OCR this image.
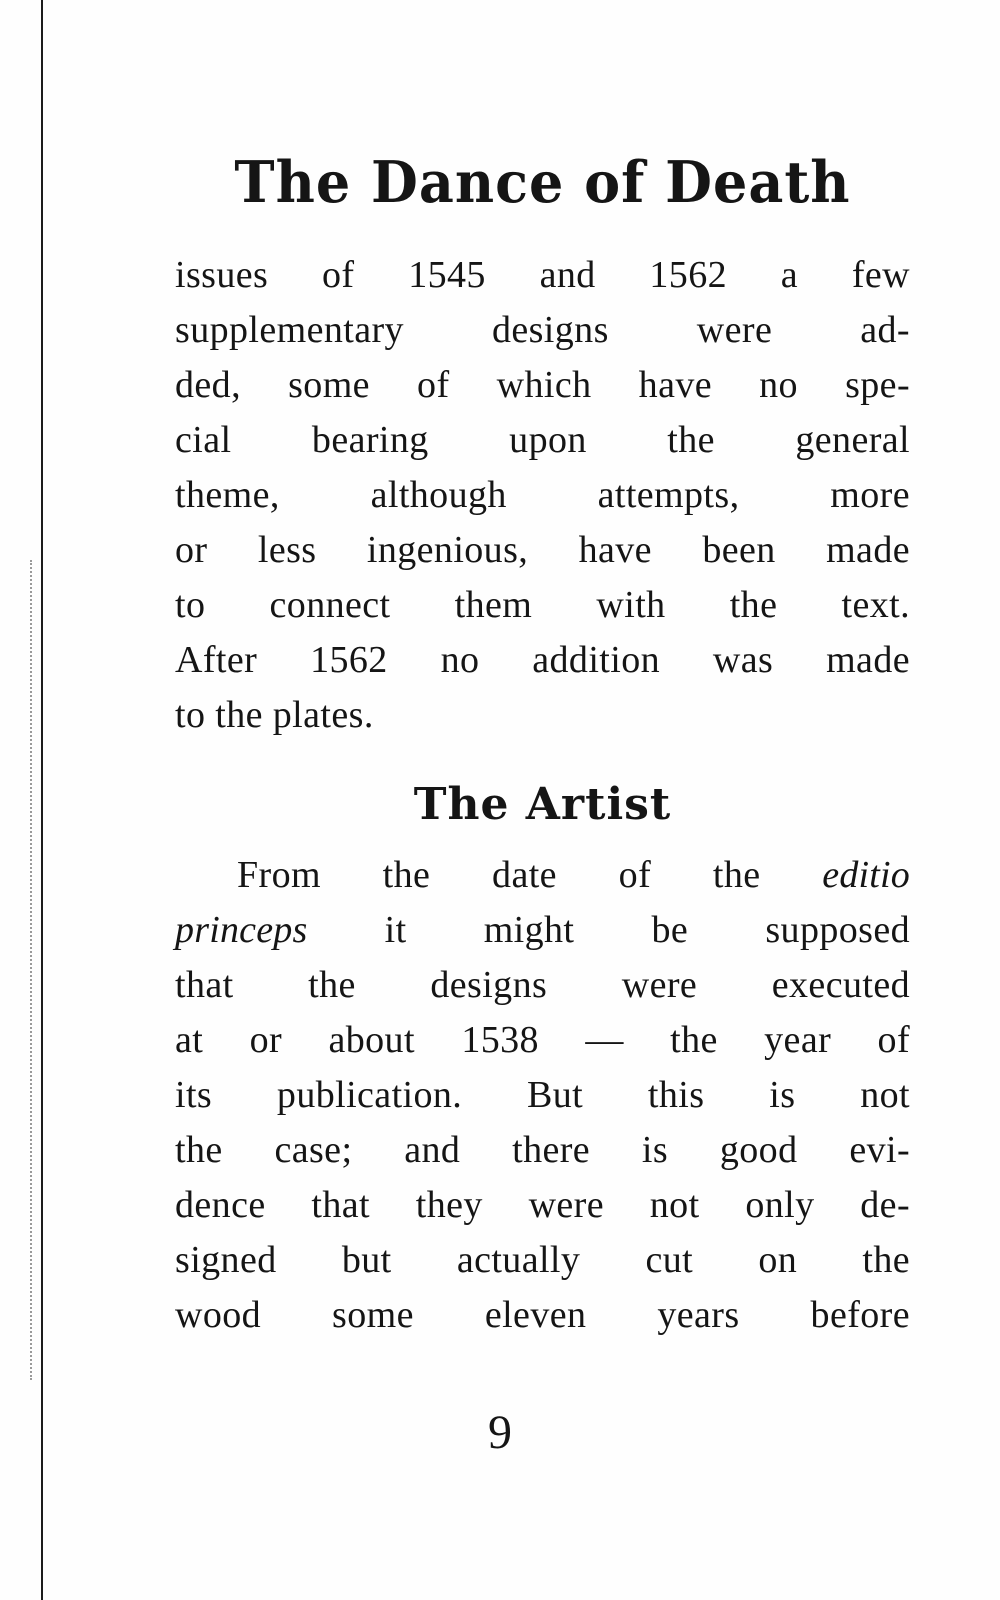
The Dance of Death
issues of 1545 and 1562 a few
supplementary designs were ad-
ded, some of which have no spe-
cial bearing upon the general
theme, although attempts, more
or less ingenious, have been made
to connect them with the text.
After 1562 no addition was made
to the plates.
The Artist
From the date of the editio
princeps it might be supposed
that the designs were executed
at or about 1538 — the year of
its publication. But this is not
the case; and there is good evi-
dence that they were not only de-
signed but actually cut on the
wood some eleven years before
9
